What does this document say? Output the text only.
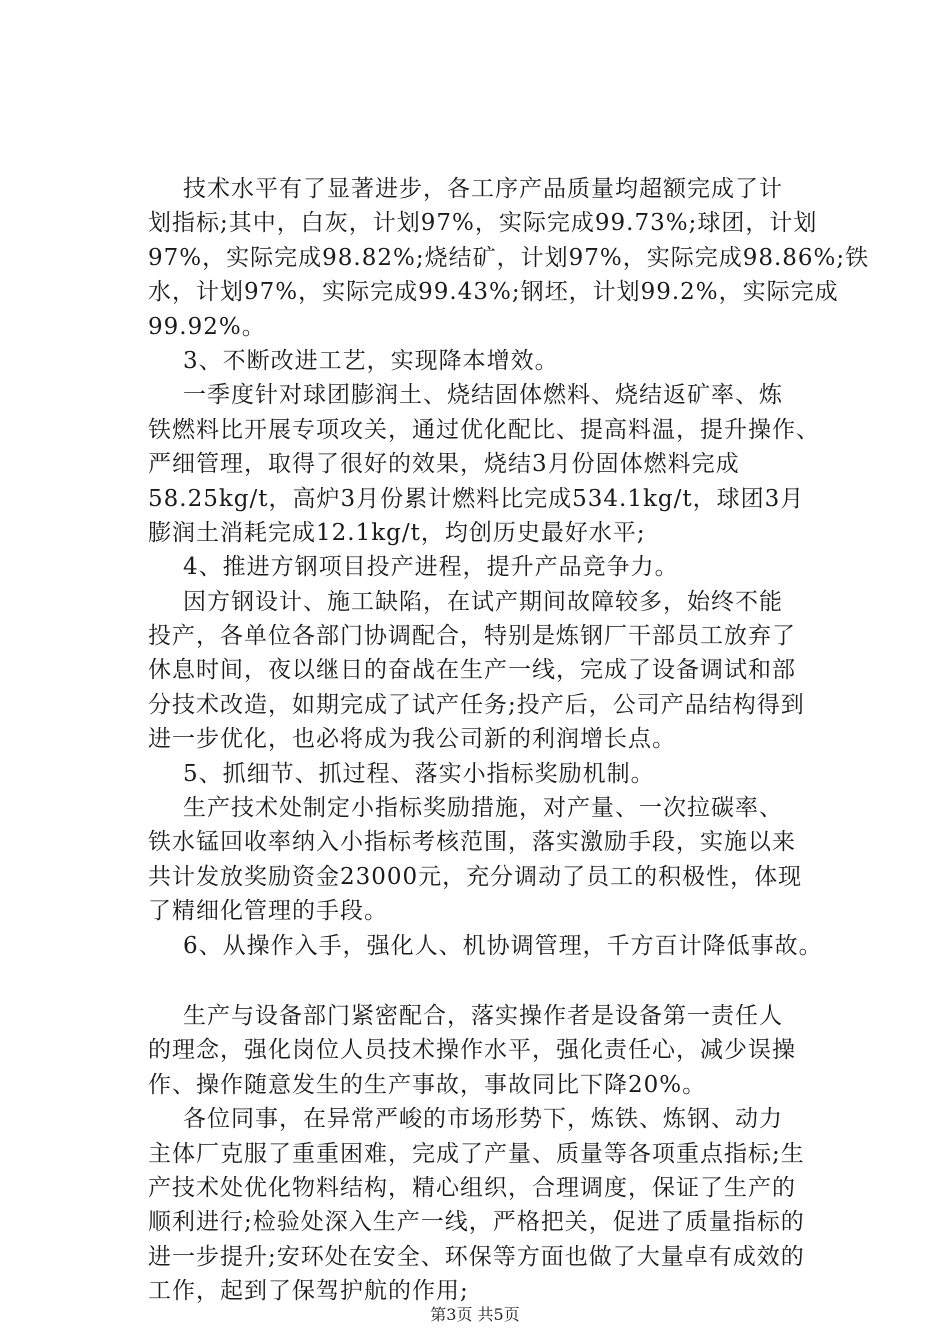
技术水平有了显著进步，各工序产品质量均超额完成了计
划指标;其中，白灰，计划97%，实际完成99.73%;球团，计划
97%，实际完成98.82%;烧结矿，计划97%，实际完成98.86%;铁
水，计划97%，实际完成99.43%;钢坯，计划99.2%，实际完成
99.92%。
3、不断改进工艺，实现降本增效。
一季度针对球团膨润土、烧结固体燃料、烧结返矿率、炼
铁燃料比开展专项攻关，通过优化配比、提高料温，提升操作、
严细管理，取得了很好的效果，烧结3月份固体燃料完成
58.25kg/t，高炉3月份累计燃料比完成534.1kg/t，球团3月
膨润土消耗完成12.1kg/t，均创历史最好水平;
4、推进方钢项目投产进程，提升产品竞争力。
因方钢设计、施工缺陷，在试产期间故障较多，始终不能
投产，各单位各部门协调配合，特别是炼钢厂干部员工放弃了
休息时间，夜以继日的奋战在生产一线，完成了设备调试和部
分技术改造，如期完成了试产任务;投产后，公司产品结构得到
进一步优化，也必将成为我公司新的利润增长点。
5、抓细节、抓过程、落实小指标奖励机制。
生产技术处制定小指标奖励措施，对产量、一次拉碳率、
铁水锰回收率纳入小指标考核范围，落实激励手段，实施以来
共计发放奖励资金23000元，充分调动了员工的积极性，体现
了精细化管理的手段。
6、从操作入手，强化人、机协调管理，千方百计降低事故。
生产与设备部门紧密配合，落实操作者是设备第一责任人
的理念，强化岗位人员技术操作水平，强化责任心，减少误操
作、操作随意发生的生产事故，事故同比下降20%。
各位同事，在异常严峻的市场形势下，炼铁、炼钢、动力
主体厂克服了重重困难，完成了产量、质量等各项重点指标;生
产技术处优化物料结构，精心组织，合理调度，保证了生产的
顺利进行;检验处深入生产一线，严格把关，促进了质量指标的
进一步提升;安环处在安全、环保等方面也做了大量卓有成效的
工作，起到了保驾护航的作用;
第3页 共5页
